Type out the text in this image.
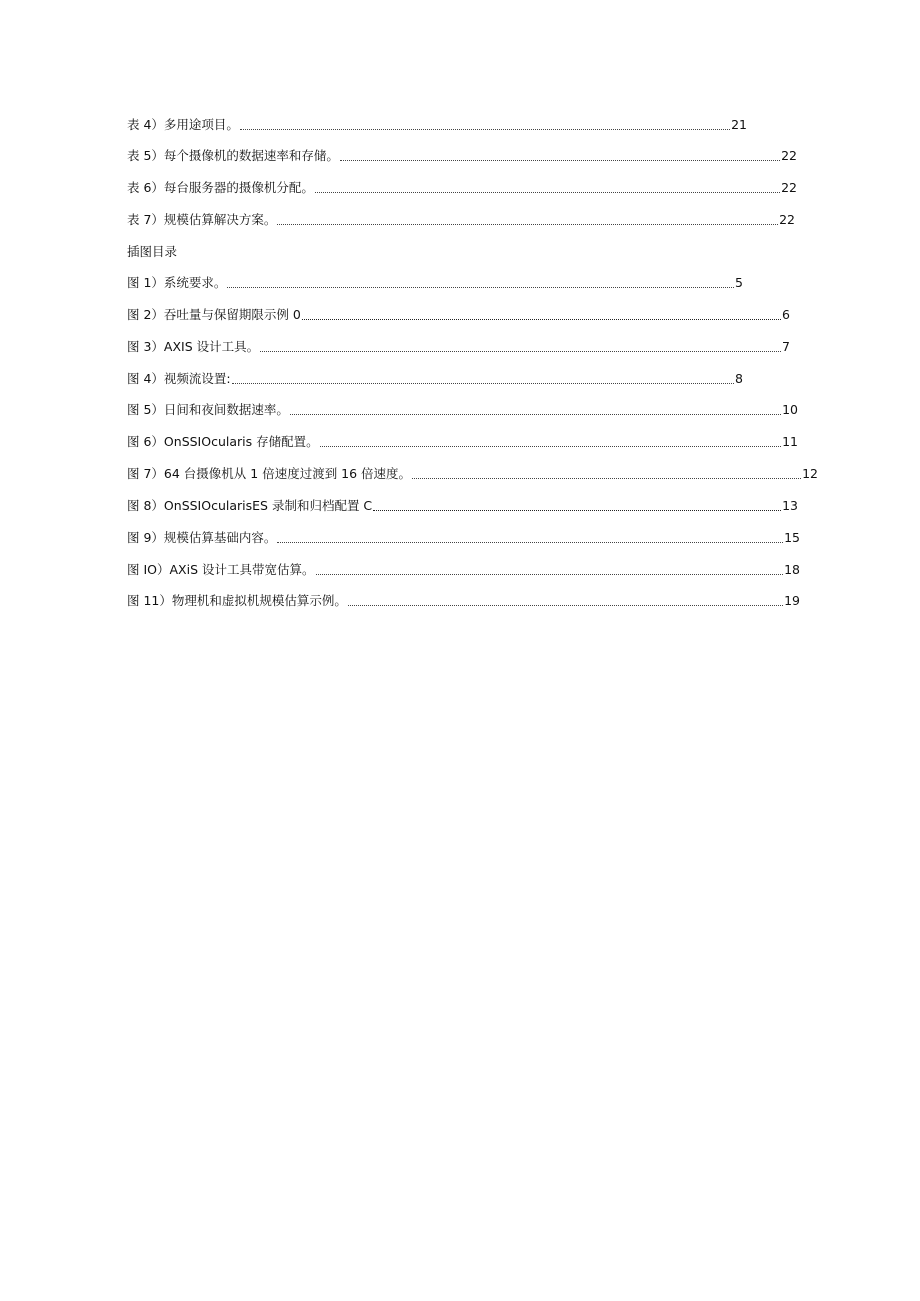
表 4）多用途项目。	21
表 5）每个摄像机的数据速率和存储。	22
表 6）每台服务器的摄像机分配。	22
表 7）规模估算解决方案。	22
插图目录
图 1）系统要求。	5
图 2）吞吐量与保留期限示例 0	6
图 3）AXIS 设计工具。	7
图 4）视频流设置:	8
图 5）日间和夜间数据速率。	10
图 6）OnSSIOcularis 存储配置。	11
图 7）64 台摄像机从 1 倍速度过渡到 16 倍速度。	12
图 8）OnSSIOcularisES 录制和归档配置 C	13
图 9）规模估算基础内容。	15
图 IO）AXiS 设计工具带宽估算。	18
图 11）物理机和虚拟机规模估算示例。	19
